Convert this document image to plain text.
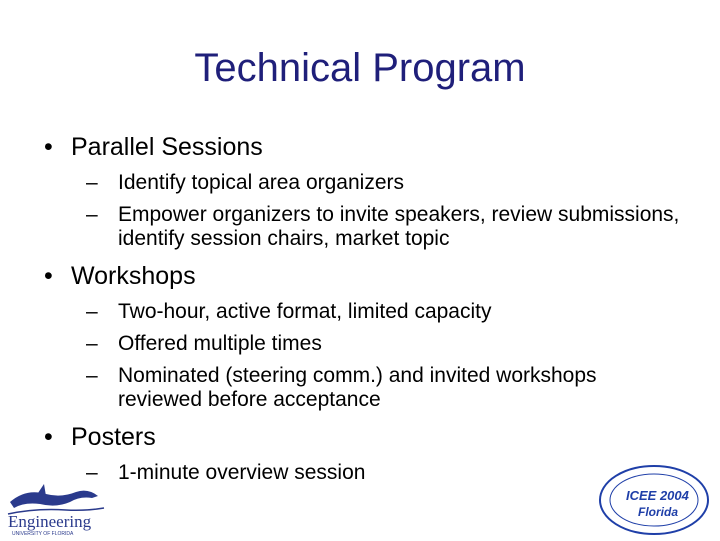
Technical Program
• Parallel Sessions
– Identify topical area organizers
– Empower organizers to invite speakers, review submissions, identify session chairs, market topic
• Workshops
– Two-hour, active format, limited capacity
– Offered multiple times
– Nominated (steering comm.) and invited workshops reviewed before acceptance
• Posters
– 1-minute overview session
Engineering
UNIVERSITY OF FLORIDA
ICEE 2004
Florida
